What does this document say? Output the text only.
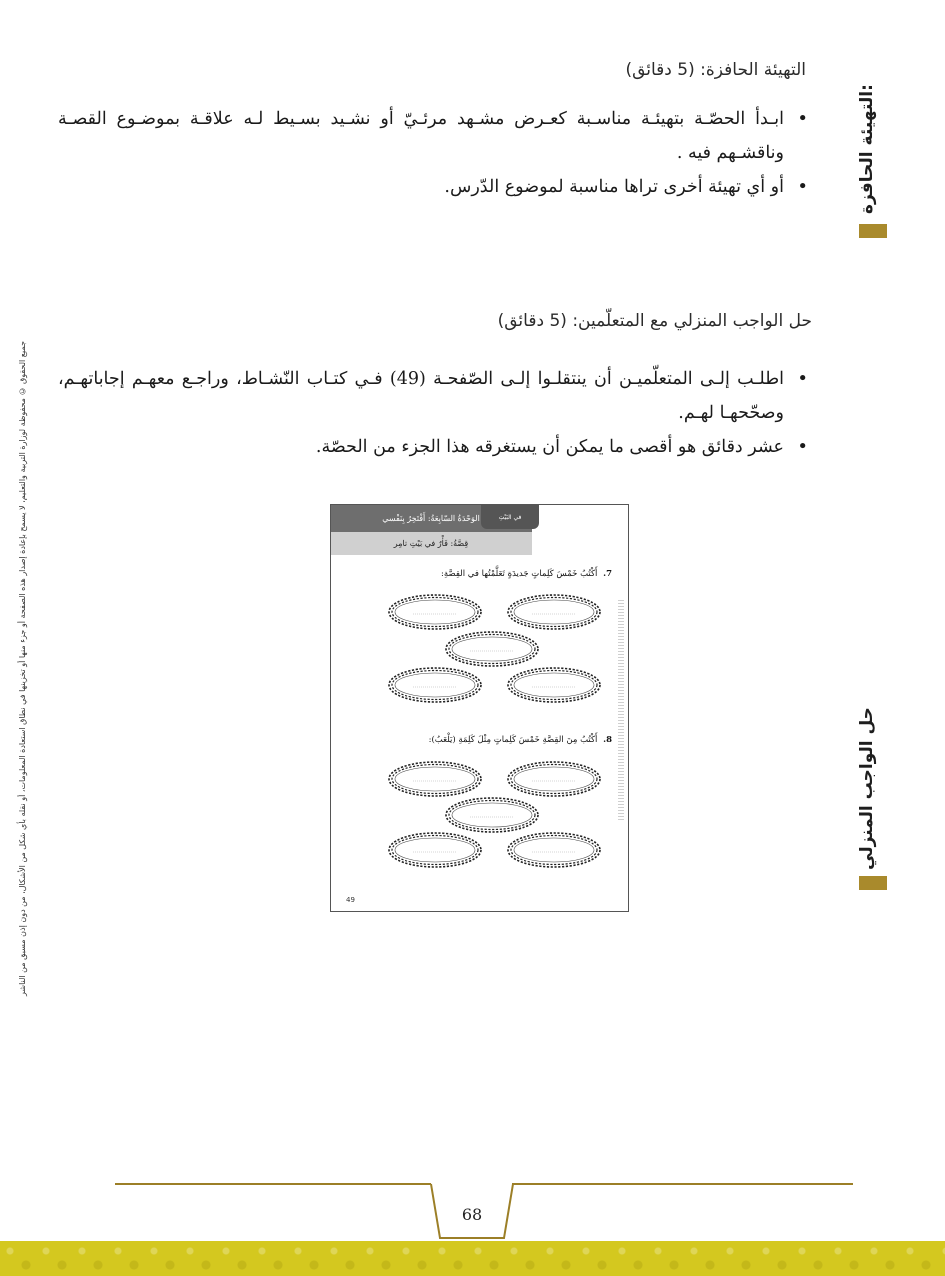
جميع الحقوق © محفوظة لوزارة التربية والتعليم، لا يسمح بإعادة إصدار هذه الصفحة أو جزء منها أو تخزينها في نطاق استعادة المعلومات، أو نقله بأي شكل من الأشكال، من دون إذن مسبق من الناشر
التهيئة الحافزة:
حل الواجب المنزلي
التهيئة الحافزة: (5 دقائق)
• ابـدأ الحصّـة بتهيئـة مناسـبة كعـرض مشـهد مرئـيّ أو نشـيد بسـيط لـه علاقـة بموضـوع القصـة وناقشـهم فيه .
• أو أي تهيئة أخرى تراها مناسبة لموضوع الدّرس.
حل الواجب المنزلي مع المتعلّمين: (5 دقائق)
• اطلـب إلـى المتعلّميـن أن ينتقلـوا إلـى الصّفحـة (49) فـي كتـاب النّشـاط، وراجـع معهـم إجاباتهـم، وصحّحهـا لهـم.
• عشر دقائق هو أقصى ما يمكن أن يستغرقه هذا الجزء من الحصّة.
الوَحْدَةُ السّابِعَةُ: أَفْتَخِرُ بِنَفْسي
قِصَّةُ: فَأْرٌ في بَيْتِ تامِر
في البَيْتِ
7. أَكْتُبُ خَمْسَ كَلِماتٍ جَديدَةٍ تَعَلَّمْتُها في القِصَّةِ:
8. أَكْتُبُ مِنَ القِصَّةِ خَمْسَ كَلِماتٍ مِثْلَ كَلِمَةِ (يَلْعَبُ):
49
68
